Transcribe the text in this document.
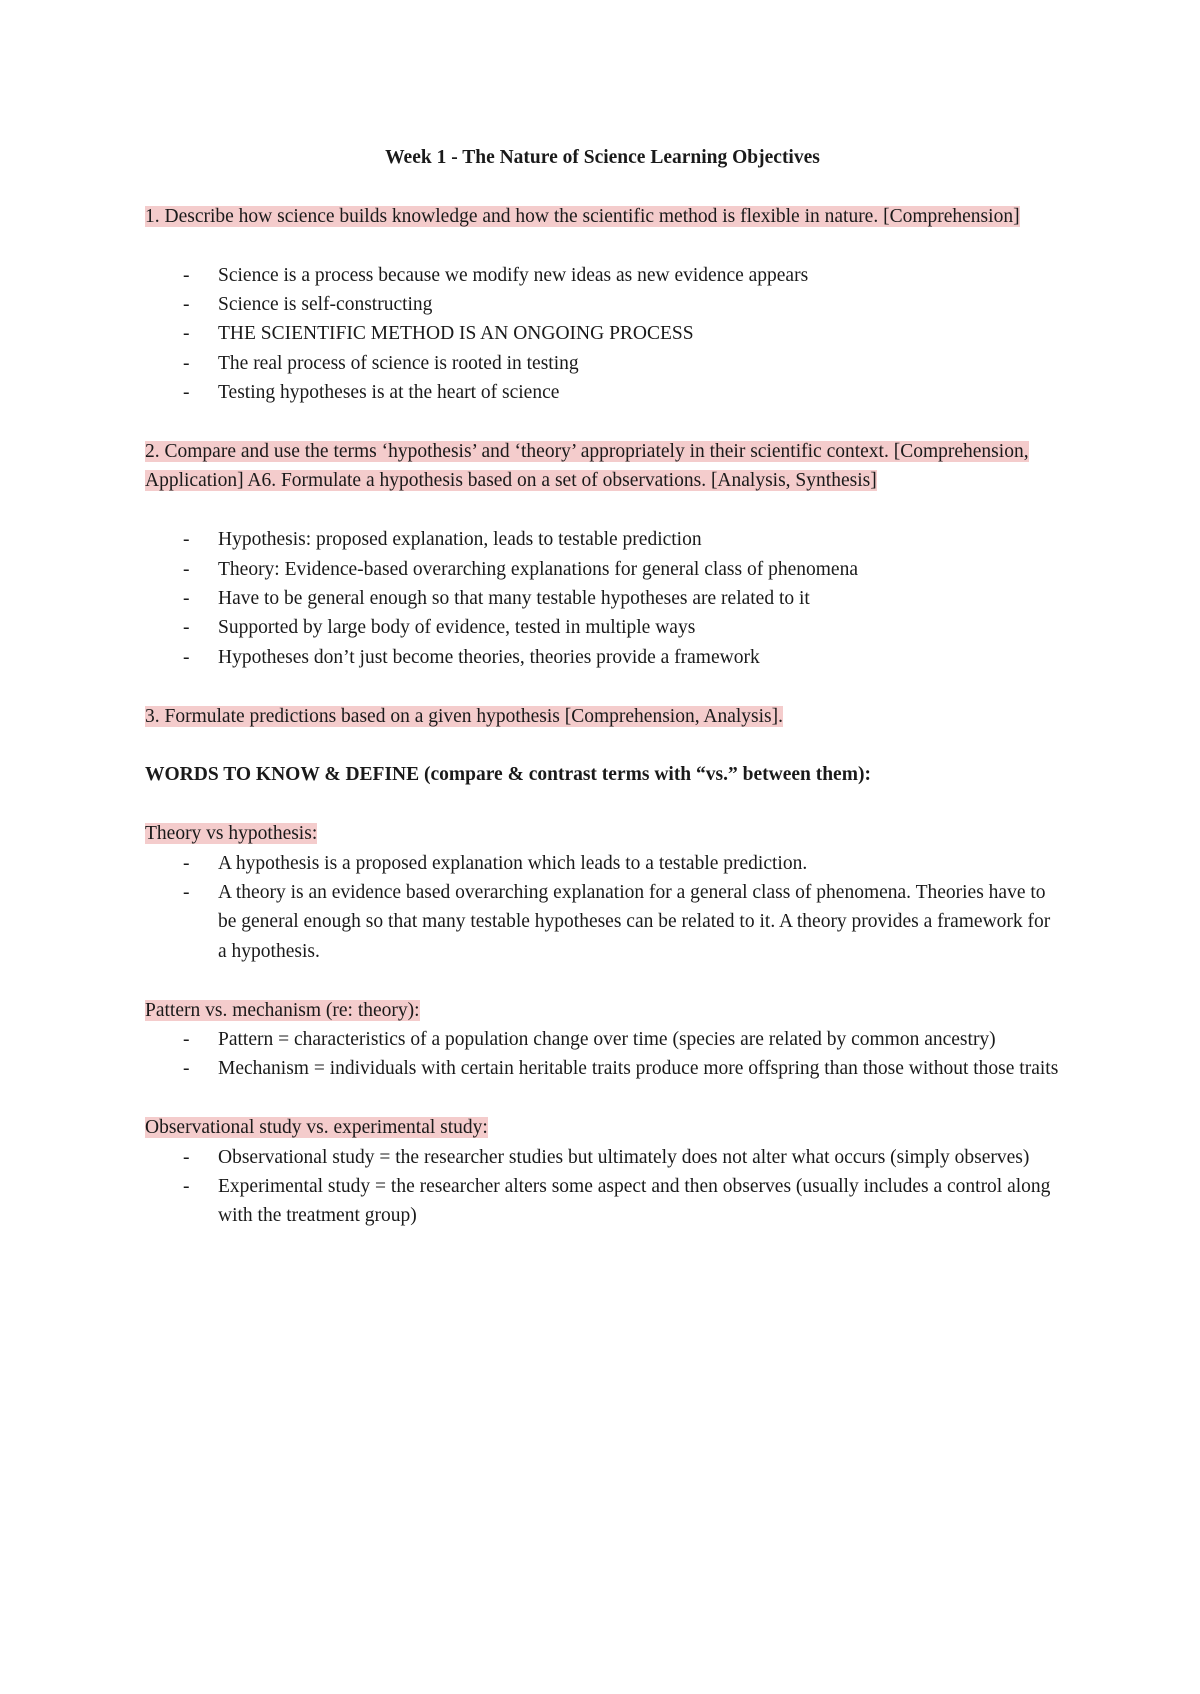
Week 1 - The Nature of Science Learning Objectives

1. Describe how science builds knowledge and how the scientific method is flexible in nature. [Comprehension]

- Science is a process because we modify new ideas as new evidence appears
- Science is self-constructing
- THE SCIENTIFIC METHOD IS AN ONGOING PROCESS
- The real process of science is rooted in testing
- Testing hypotheses is at the heart of science

2. Compare and use the terms ‘hypothesis’ and ‘theory’ appropriately in their scientific context. [Comprehension, Application] A6. Formulate a hypothesis based on a set of observations. [Analysis, Synthesis]

- Hypothesis: proposed explanation, leads to testable prediction
- Theory: Evidence-based overarching explanations for general class of phenomena
- Have to be general enough so that many testable hypotheses are related to it
- Supported by large body of evidence, tested in multiple ways
- Hypotheses don’t just become theories, theories provide a framework

3. Formulate predictions based on a given hypothesis [Comprehension, Analysis].

WORDS TO KNOW & DEFINE (compare & contrast terms with “vs.” between them):

Theory vs hypothesis:

- A hypothesis is a proposed explanation which leads to a testable prediction.
- A theory is an evidence based overarching explanation for a general class of phenomena. Theories have to be general enough so that many testable hypotheses can be related to it. A theory provides a framework for a hypothesis.

Pattern vs. mechanism (re: theory):

- Pattern = characteristics of a population change over time (species are related by common ancestry)
- Mechanism = individuals with certain heritable traits produce more offspring than those without those traits

Observational study vs. experimental study:

- Observational study = the researcher studies but ultimately does not alter what occurs (simply observes)
- Experimental study = the researcher alters some aspect and then observes (usually includes a control along with the treatment group)
